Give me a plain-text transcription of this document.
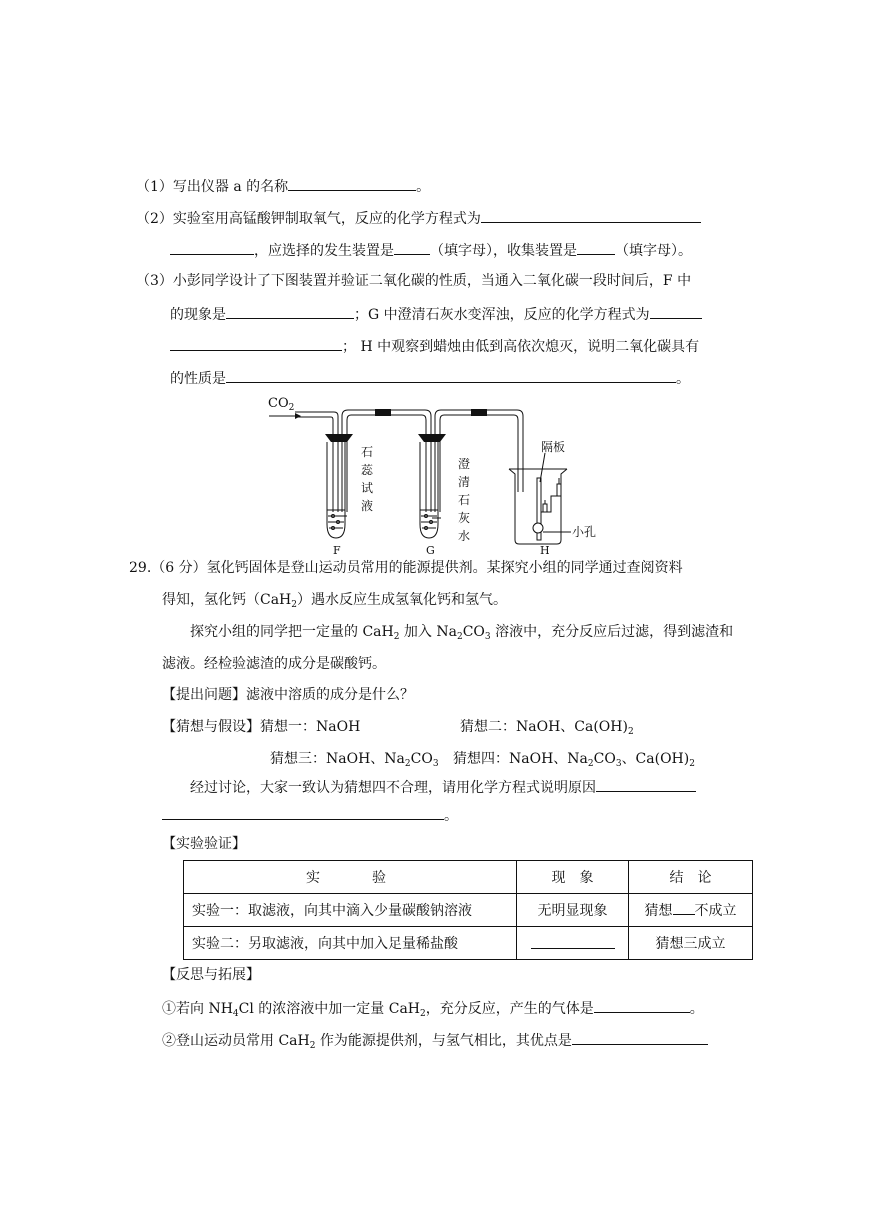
（1）写出仪器 a 的名称	。
（2）实验室用高锰酸钾制取氧气，反应的化学方程式为
，应选择的发生装置是	（填字母），收集装置是	（填字母）。
（3）小彭同学设计了下图装置并验证二氧化碳的性质，当通入二氧化碳一段时间后，F 中
的现象是	；G 中澄清石灰水变浑浊，反应的化学方程式为
； H 中观察到蜡烛由低到高依次熄灭，说明二氧化碳具有
的性质是	。
$CO_2$
石
蕊
试
液
澄
清
石
灰
水
隔板
小孔
F	G	H
29.（6 分）氢化钙固体是登山运动员常用的能源提供剂。某探究小组的同学通过查阅资料
得知，氢化钙（CaH$_2$）遇水反应生成氢氧化钙和氢气。
探究小组的同学把一定量的 CaH$_2$ 加入 $Na_2CO_3$ 溶液中，充分反应后过滤，得到滤渣和
滤液。经检验滤渣的成分是碳酸钙。
【提出问题】滤液中溶质的成分是什么？
【猜想与假设】猜想一：NaOH	猜想二：NaOH、$Ca(OH)_2$
猜想三：NaOH、$Na_2CO_3$ 猜想四：NaOH、$Na_2CO_3$、$Ca(OH)_2$
经过讨论，大家一致认为猜想四不合理，请用化学方程式说明原因
。
【实验验证】
实　　验	现　象	结　论
实验一：取滤液，向其中滴入少量碳酸钠溶液	无明显现象	猜想 不成立
实验二：另取滤液，向其中加入足量稀盐酸		猜想三成立
【反思与拓展】
①若向 $NH_4Cl$ 的浓溶液中加一定量 CaH$_2$，充分反应，产生的气体是	。
②登山运动员常用 CaH$_2$ 作为能源提供剂，与氢气相比，其优点是
